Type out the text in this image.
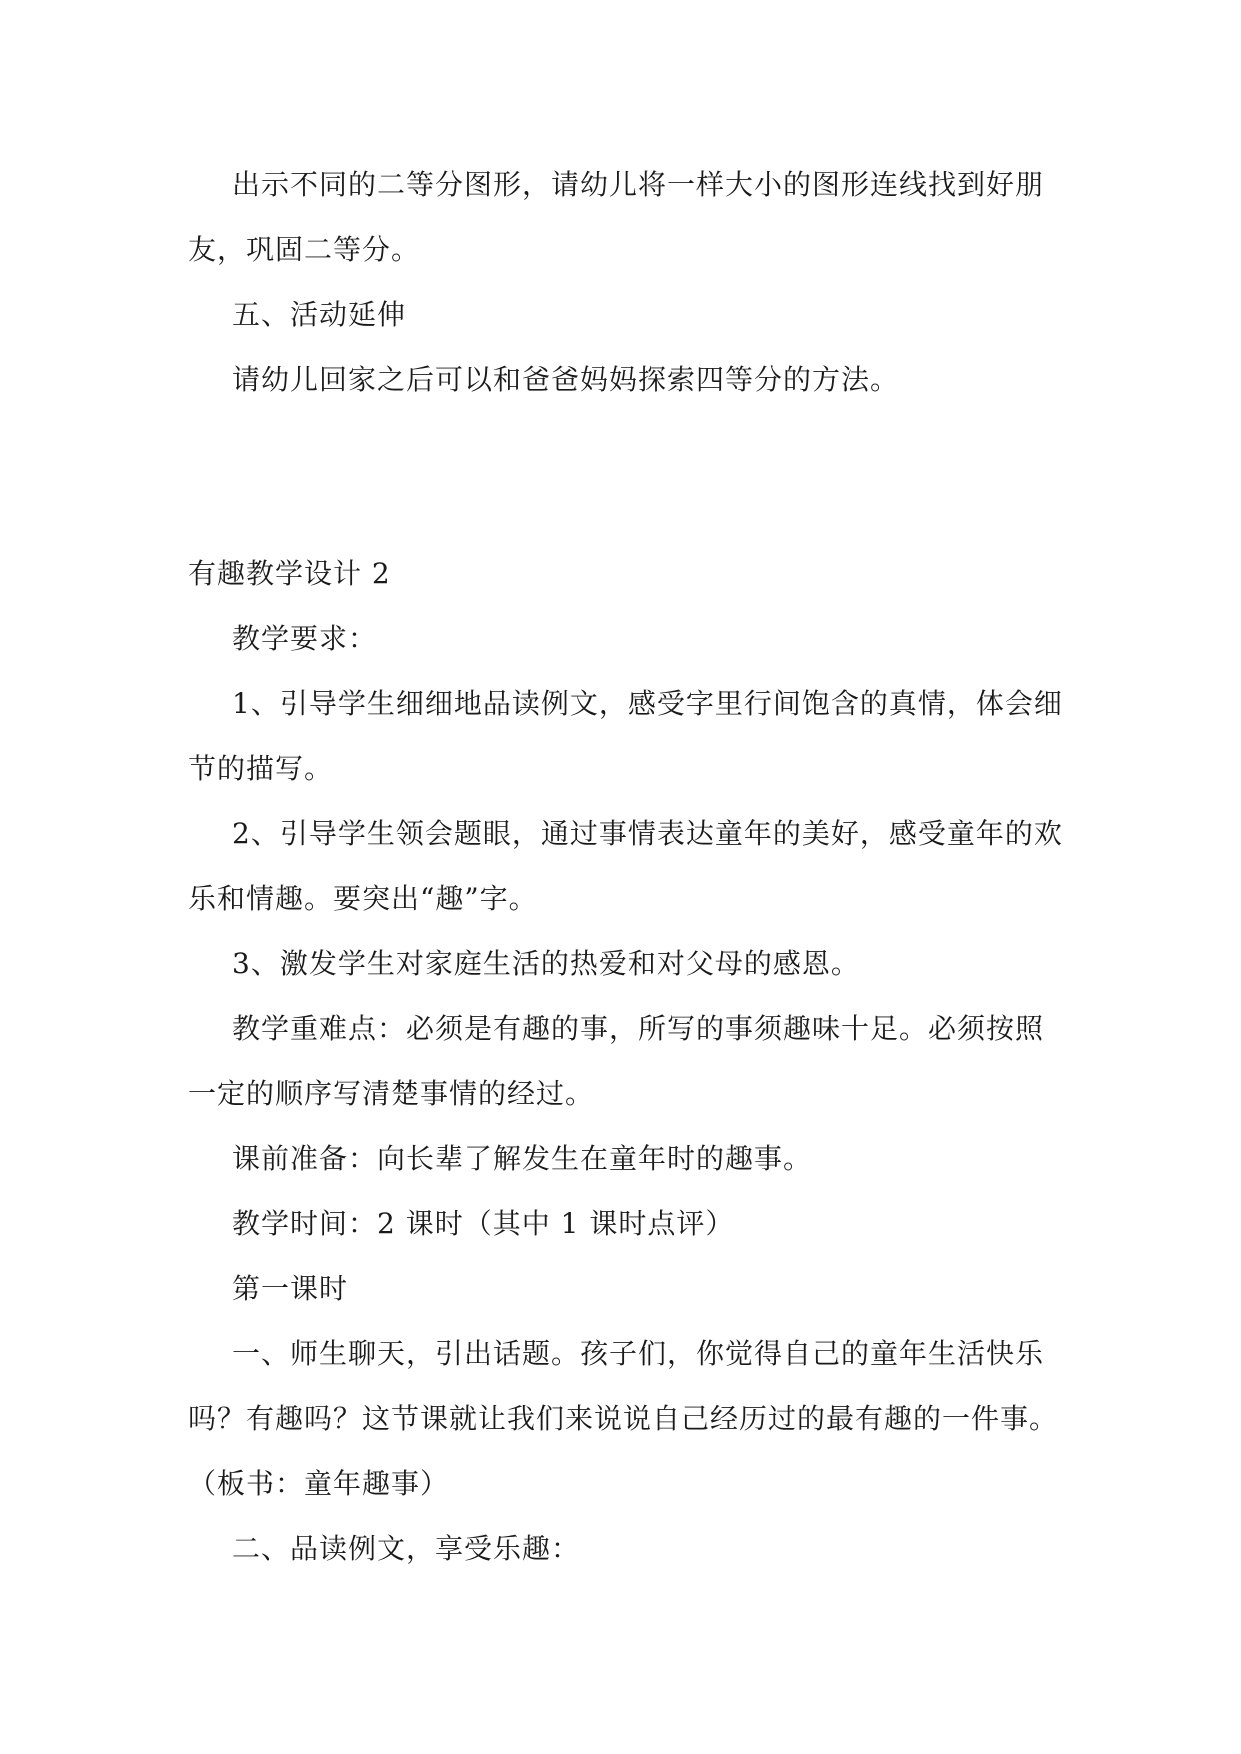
出示不同的二等分图形，请幼儿将一样大小的图形连线找到好朋
友，巩固二等分。
五、活动延伸
请幼儿回家之后可以和爸爸妈妈探索四等分的方法。
有趣教学设计 2
教学要求：
1、引导学生细细地品读例文，感受字里行间饱含的真情，体会细
节的描写。
2、引导学生领会题眼，通过事情表达童年的美好，感受童年的欢
乐和情趣。要突出“趣”字。
3、激发学生对家庭生活的热爱和对父母的感恩。
教学重难点：必须是有趣的事，所写的事须趣味十足。必须按照
一定的顺序写清楚事情的经过。
课前准备：向长辈了解发生在童年时的趣事。
教学时间：2 课时（其中 1 课时点评）
第一课时
一、师生聊天，引出话题。孩子们，你觉得自己的童年生活快乐
吗？有趣吗？这节课就让我们来说说自己经历过的最有趣的一件事。
（板书：童年趣事）
二、品读例文，享受乐趣：
